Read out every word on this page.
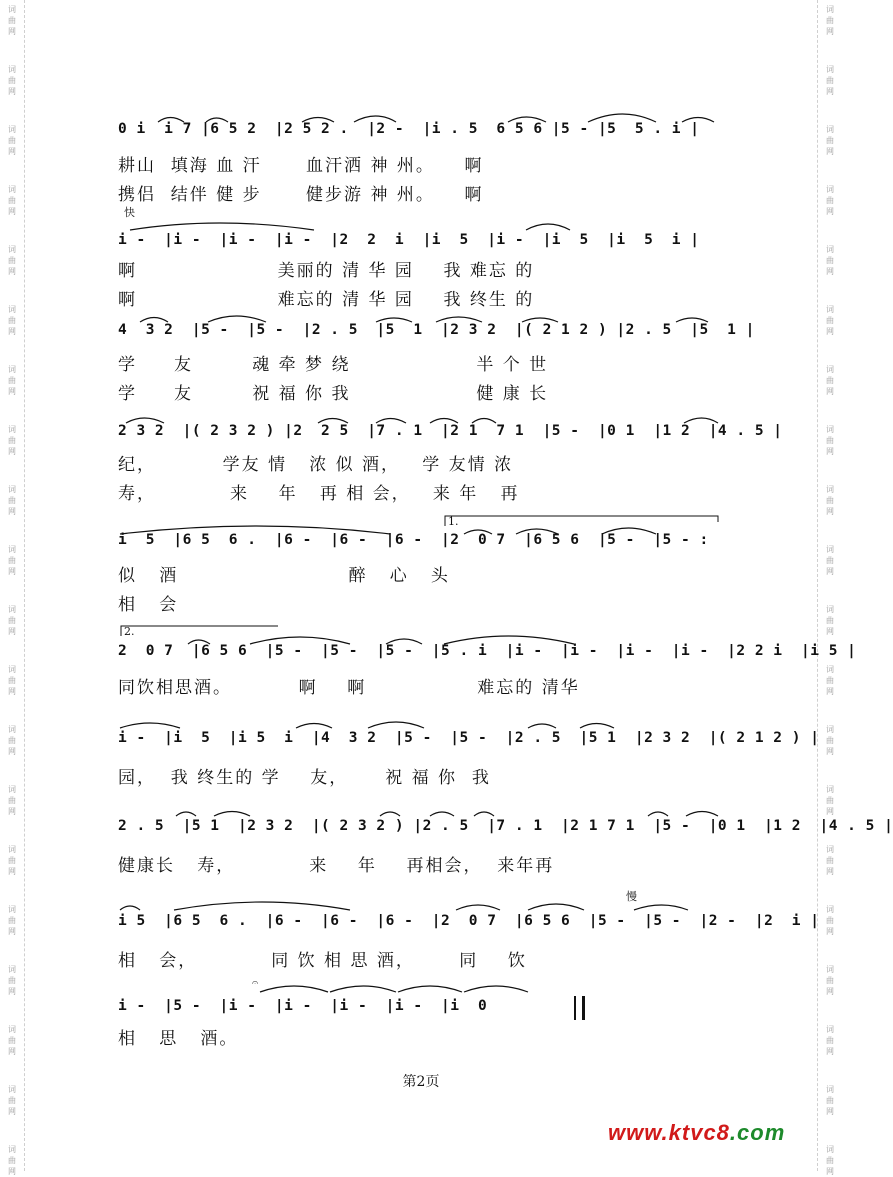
词
曲
网
词
曲
网
词
曲
网
词
曲
网
词
曲
网
词
曲
网
词
曲
网
词
曲
网
词
曲
网
词
曲
网
词
曲
网
词
曲
网
词
曲
网
词
曲
网
词
曲
网
词
曲
网
词
曲
网
词
曲
网
词
曲
网
词
曲
网
词
曲
网
词
曲
网
词
曲
网
词
曲
网
词
曲
网
词
曲
网
词
曲
网
词
曲
网
词
曲
网
词
曲
网
词
曲
网
词
曲
网
词
曲
网
词
曲
网
词
曲
网
词
曲
网
词
曲
网
词
曲
网
词
曲
网
词
曲
网
0 i  i 7 |6 5 2  |2 5 2 .  |2 -  |i . 5  6 5 6 |5 - |5  5 . i |
耕山  填海 血 汗      血汗洒 神 州。    啊
携侣  结伴 健 步      健步游 神 州。    啊
快
i -  |i -  |i -  |i -  |2  2  i  |i  5  |i -  |i  5  |i  5  i |
啊                   美丽的 清 华 园    我 难忘 的
啊                   难忘的 清 华 园    我 终生 的
4  3 2  |5 -  |5 -  |2 . 5  |5  1  |2 3 2  |( 2 1 2 ) |2 . 5  |5  1 |
学     友        魂 牵 梦 绕                 半 个 世
学     友        祝 福 你 我                 健 康 长
2 3 2  |( 2 3 2 ) |2  2 5  |7 . 1  |2 1  7 1  |5 -  |0 1  |1 2  |4 . 5 |
纪，         学友 情   浓 似 酒，   学 友情 浓
寿，          来    年   再 相 会，   来 年   再
1.
i  5  |6 5  6 .  |6 -  |6 -  |6 -  |2  0 7  |6 5 6  |5 -  |5 - :
似   酒                       醉   心   头
相   会
2.
2  0 7  |6 5 6  |5 -  |5 -  |5 -  |5 . i  |i -  |i -  |i -  |i -  |2 2 i  |i 5 |
同饮相思酒。         啊    啊               难忘的 清华
i -  |i  5  |i 5  i  |4  3 2  |5 -  |5 -  |2 . 5  |5 1  |2 3 2  |( 2 1 2 ) |
园，  我 终生的 学    友，     祝 福 你  我
2 . 5  |5 1  |2 3 2  |( 2 3 2 ) |2 . 5  |7 . 1  |2 1 7 1  |5 -  |0 1  |1 2  |4 . 5 |
健康长   寿，          来    年    再相会，  来年再
慢
i 5  |6 5  6 .  |6 -  |6 -  |6 -  |2  0 7  |6 5 6  |5 -  |5 -  |2 -  |2  i |
相   会，          同 饮 相 思 酒，      同    饮
𝄐
i -  |5 -  |i -  |i -  |i -  |i -  |i  0
相   思   酒。
第2页
www.ktvc8.com
